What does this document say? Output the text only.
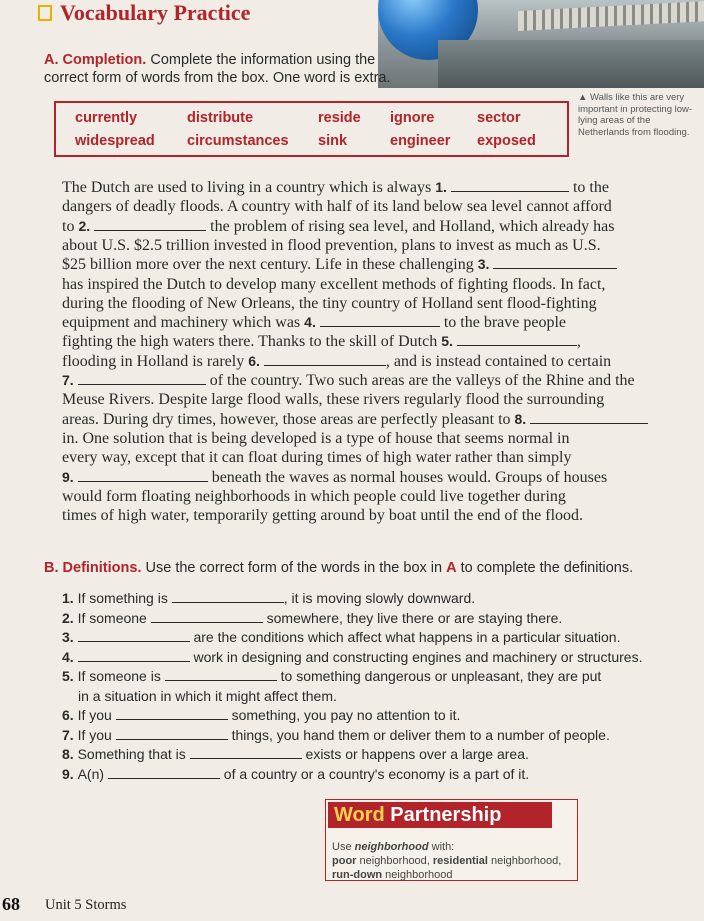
Vocabulary Practice
▲ Walls like this are very important in protecting low-lying areas of the Netherlands from flooding.
A. Completion. Complete the information using the correct form of words from the box. One word is extra.
currently	distribute	reside ignore	sector
widespread circumstances sink	engineer exposed
The Dutch are used to living in a country which is always 1.	to the
dangers of deadly floods. A country with half of its land below sea level cannot afford
to 2.	the problem of rising sea level, and Holland, which already has
about U.S. $2.5 trillion invested in flood prevention, plans to invest as much as U.S.
$25 billion more over the next century. Life in these challenging 3.
has inspired the Dutch to develop many excellent methods of fighting floods. In fact,
during the flooding of New Orleans, the tiny country of Holland sent flood-fighting
equipment and machinery which was 4.	to the brave people
fighting the high waters there. Thanks to the skill of Dutch 5.	,
flooding in Holland is rarely 6.	, and is instead contained to certain
7.	of the country. Two such areas are the valleys of the Rhine and the
Meuse Rivers. Despite large flood walls, these rivers regularly flood the surrounding
areas. During dry times, however, those areas are perfectly pleasant to 8.
in. One solution that is being developed is a type of house that seems normal in
every way, except that it can float during times of high water rather than simply
9.	beneath the waves as normal houses would. Groups of houses
would form floating neighborhoods in which people could live together during
times of high water, temporarily getting around by boat until the end of the flood.
B. Definitions. Use the correct form of the words in the box in A to complete the definitions.
1. If something is	, it is moving slowly downward.
2. If someone	somewhere, they live there or are staying there.
3.	are the conditions which affect what happens in a particular situation.
4.	work in designing and constructing engines and machinery or structures.
5. If someone is	to something dangerous or unpleasant, they are put
in a situation in which it might affect them.
6. If you	something, you pay no attention to it.
7. If you	things, you hand them or deliver them to a number of people.
8. Something that is	exists or happens over a large area.
9. A(n)	of a country or a country's economy is a part of it.
Word Partnership
Use neighborhood with:
poor neighborhood, residential neighborhood,
run-down neighborhood
68 Unit 5 Storms
